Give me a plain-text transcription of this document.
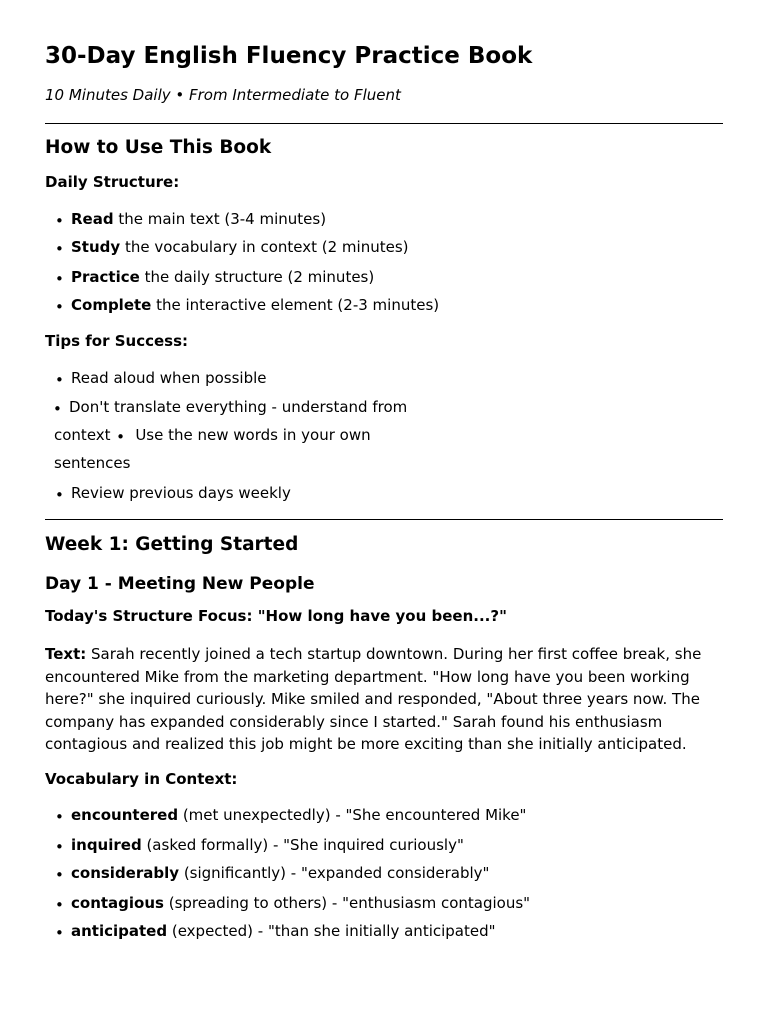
30-Day English Fluency Practice Book
10 Minutes Daily • From Intermediate to Fluent
How to Use This Book
Daily Structure:
• Read the main text (3-4 minutes)
• Study the vocabulary in context (2 minutes)
• Practice the daily structure (2 minutes)
• Complete the interactive element (2-3 minutes)
Tips for Success:
• Read aloud when possible
• Don't translate everything - understand from
context • Use the new words in your own
sentences
• Review previous days weekly
Week 1: Getting Started
Day 1 - Meeting New People
Today's Structure Focus: "How long have you been...?"
Text: Sarah recently joined a tech startup downtown. During her first coffee break, she
encountered Mike from the marketing department. "How long have you been working
here?" she inquired curiously. Mike smiled and responded, "About three years now. The
company has expanded considerably since I started." Sarah found his enthusiasm
contagious and realized this job might be more exciting than she initially anticipated.
Vocabulary in Context:
• encountered (met unexpectedly) - "She encountered Mike"
• inquired (asked formally) - "She inquired curiously"
• considerably (significantly) - "expanded considerably"
• contagious (spreading to others) - "enthusiasm contagious"
• anticipated (expected) - "than she initially anticipated"
